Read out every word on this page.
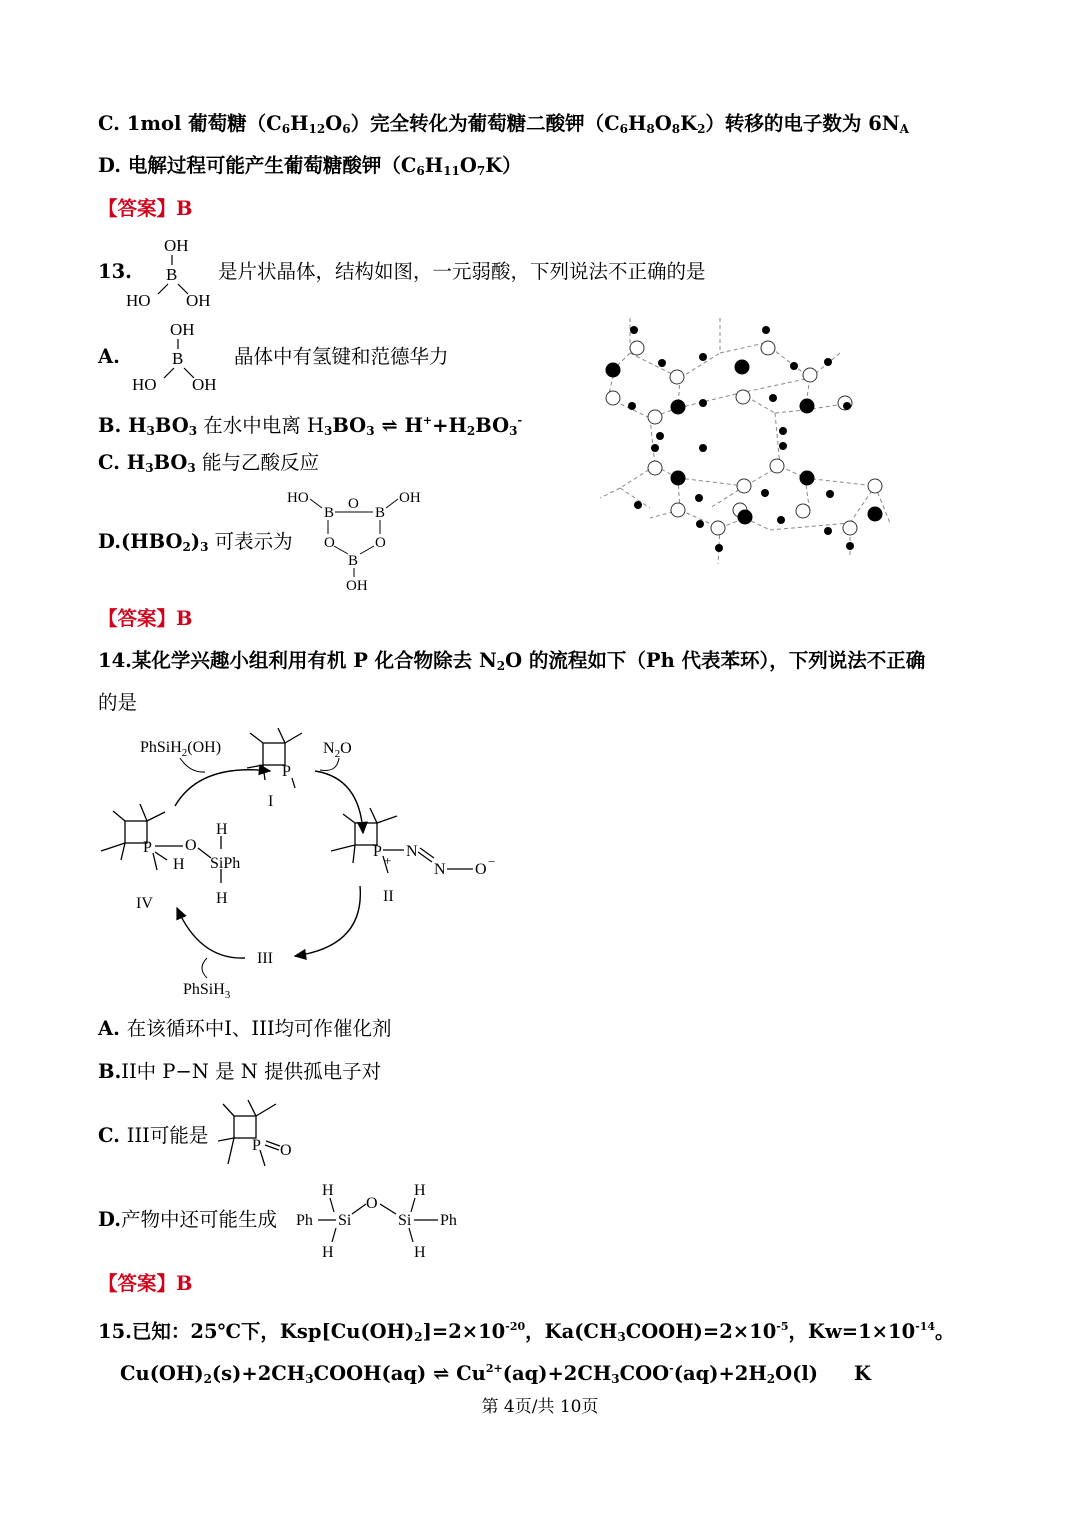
C. 1mol 葡萄糖$(C_6H_{12}O_6)$完全转化为葡萄糖二酸钾$(C_6H_8O_8K_2)$转移的电子数为 $6N_A$
D. 电解过程可能产生葡萄糖酸钾$(C_6H_{11}O_7K)$
【答案】B
13.
OH
B
HO OH
是片状晶体，结构如图，一元弱酸，下列说法不正确的是
A.
OH
B
HO OH
晶体中有氢键和范德华力
B. $H_3BO_3$ 在水中电离 $H_3BO_3$ ⇌ $H^++H_2BO_3^-$
C. $H_3BO_3$ 能与乙酸反应
$D.(HBO_2)_3$ 可表示为
HO
B
O
B
OH
O	O
B
OH
【答案】B
14.某化学兴趣小组利用有机 P 化合物除去 $N_2O$ 的流程如下（Ph 代表苯环），下列说法不正确
的是
PhSiH$_2$(OH)
P
I
$N_2O$
P
+
N
N O −
II
III
PhSiH$_3$
P O
H
H
SiPh
H
IV
A. 在该循环中I、III均可作催化剂
B.II中 P−N 是 N 提供孤电子对
C. III可能是	P O
D.产物中还可能生成 Ph Si
O
Si Ph
H
H
H
H
【答案】B
15.已知：25℃下，$Ksp[Cu(OH)_2]=2\times 10^{-20}$，$Ka(CH_3COOH)=2\times 10^{-5}$，$Kw=1\times 10^{-14}$。
$Cu(OH)_2(s)+2CH_3COOH(aq)$ ⇌ $Cu^{2+}(aq)+2CH_3COO^-(aq)+2H_2O(l)$ K
第 4页/共 10页
